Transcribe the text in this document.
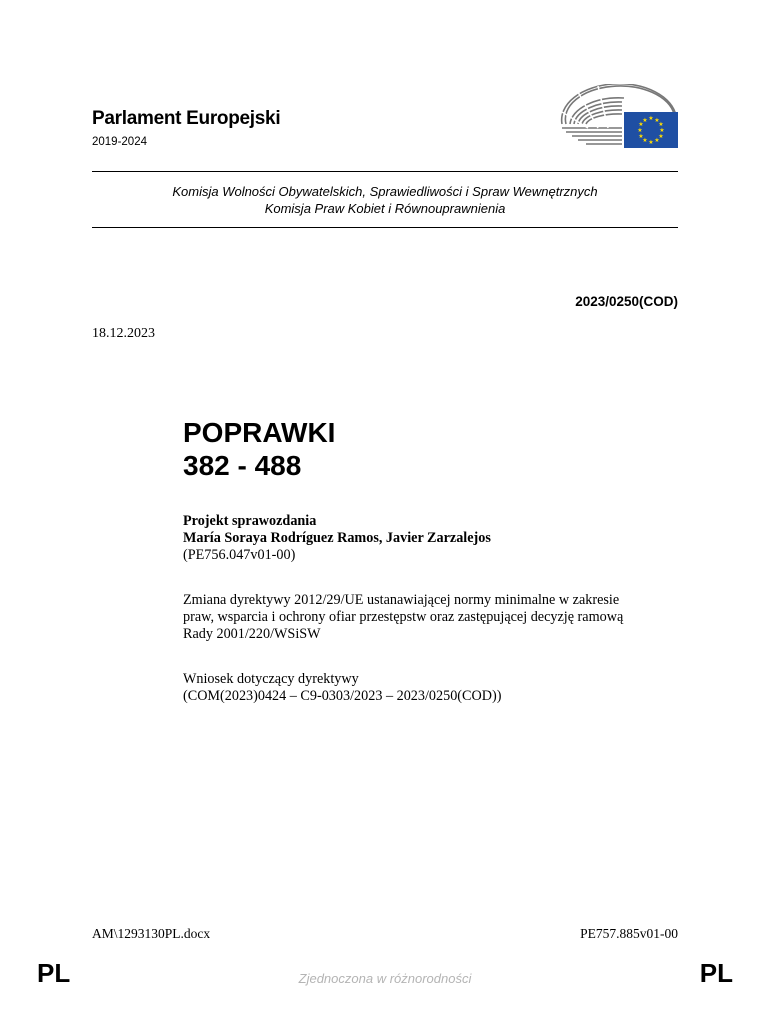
Parlament Europejski
2019-2024
★ ★
★
★
★
★
★
★
★
★
★
★
Komisja Wolności Obywatelskich, Sprawiedliwości i Spraw Wewnętrznych
Komisja Praw Kobiet i Równouprawnienia
2023/0250(COD)
18.12.2023
POPRAWKI
382 - 488
Projekt sprawozdania
María Soraya Rodríguez Ramos, Javier Zarzalejos
(PE756.047v01-00)
Zmiana dyrektywy 2012/29/UE ustanawiającej normy minimalne w zakresie
praw, wsparcia i ochrony ofiar przestępstw oraz zastępującej decyzję ramową
Rady 2001/220/WSiSW
Wniosek dotyczący dyrektywy
(COM(2023)0424 – C9-0303/2023 – 2023/0250(COD))
AM\1293130PL.docx	PE757.885v01-00
PL	Zjednoczona w różnorodności	PL
